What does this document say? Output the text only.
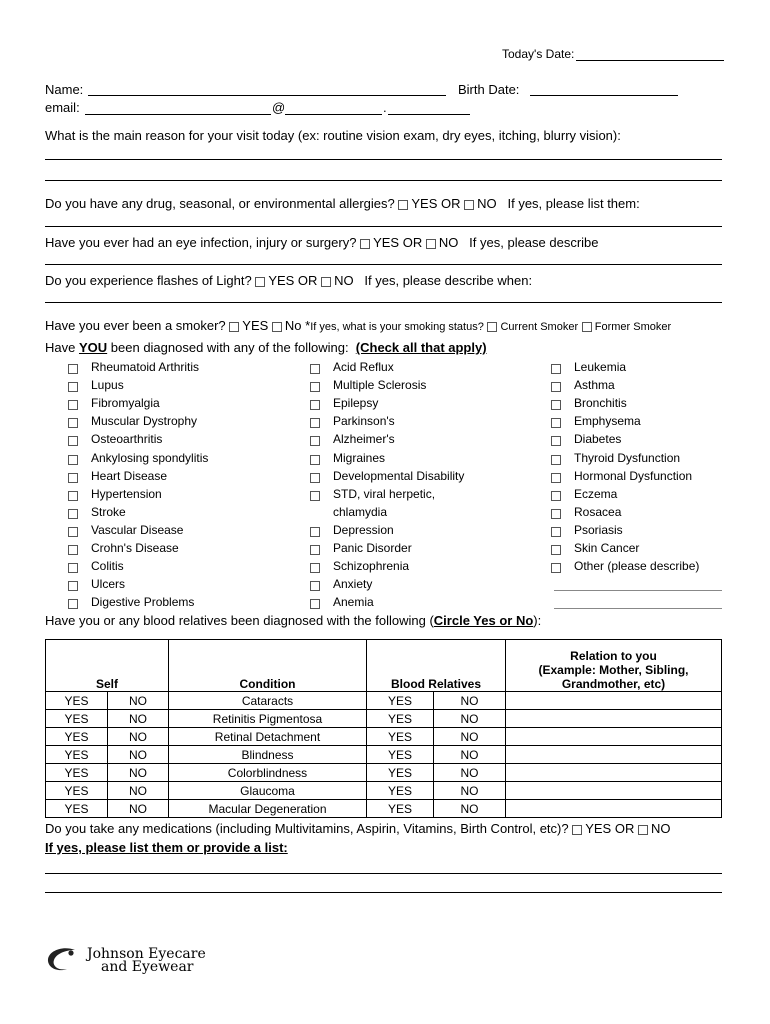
Today's Date:
Name:	Birth Date:
email:	@	.
What is the main reason for your visit today (ex: routine vision exam, dry eyes, itching, blurry vision):
Do you have any drug, seasonal, or environmental allergies? YES OR NO If yes, please list them:
Have you ever had an eye infection, injury or surgery? YES OR NO If yes, please describe
Do you experience flashes of Light? YES OR NO If yes, please describe when:
Have you ever been a smoker? YES No *If yes, what is your smoking status? Current Smoker Former Smoker
Have YOU been diagnosed with any of the following: (Check all that apply)
Rheumatoid Arthritis
Lupus
Fibromyalgia
Muscular Dystrophy
Osteoarthritis
Ankylosing spondylitis
Heart Disease
Hypertension
Stroke
Vascular Disease
Crohn's Disease
Colitis
Ulcers
Digestive Problems
Acid Reflux
Multiple Sclerosis
Epilepsy
Parkinson's
Alzheimer's
Migraines
Developmental Disability
STD, viral herpetic,
chlamydia
Depression
Panic Disorder
Schizophrenia
Anxiety
Anemia
Leukemia
Asthma
Bronchitis
Emphysema
Diabetes
Thyroid Dysfunction
Hormonal Dysfunction
Eczema
Rosacea
Psoriasis
Skin Cancer
Other (please describe)
Have you or any blood relatives been diagnosed with the following (Circle Yes or No):
Self		Condition	Blood Relatives		Relation to you
(Example: Mother, Sibling,
Grandmother, etc)

YES	NO	Cataracts	YES	NO	
YES	NO	Retinitis Pigmentosa	YES	NO	
YES	NO	Retinal Detachment	YES	NO	
YES	NO	Blindness	YES	NO	
YES	NO	Colorblindness	YES	NO	
YES	NO	Glaucoma	YES	NO	
YES	NO	Macular Degeneration	YES	NO	
Do you take any medications (including Multivitamins, Aspirin, Vitamins, Birth Control, etc)? YES OR NO
If yes, please list them or provide a list:
Johnson Eyecare
and Eyewear
